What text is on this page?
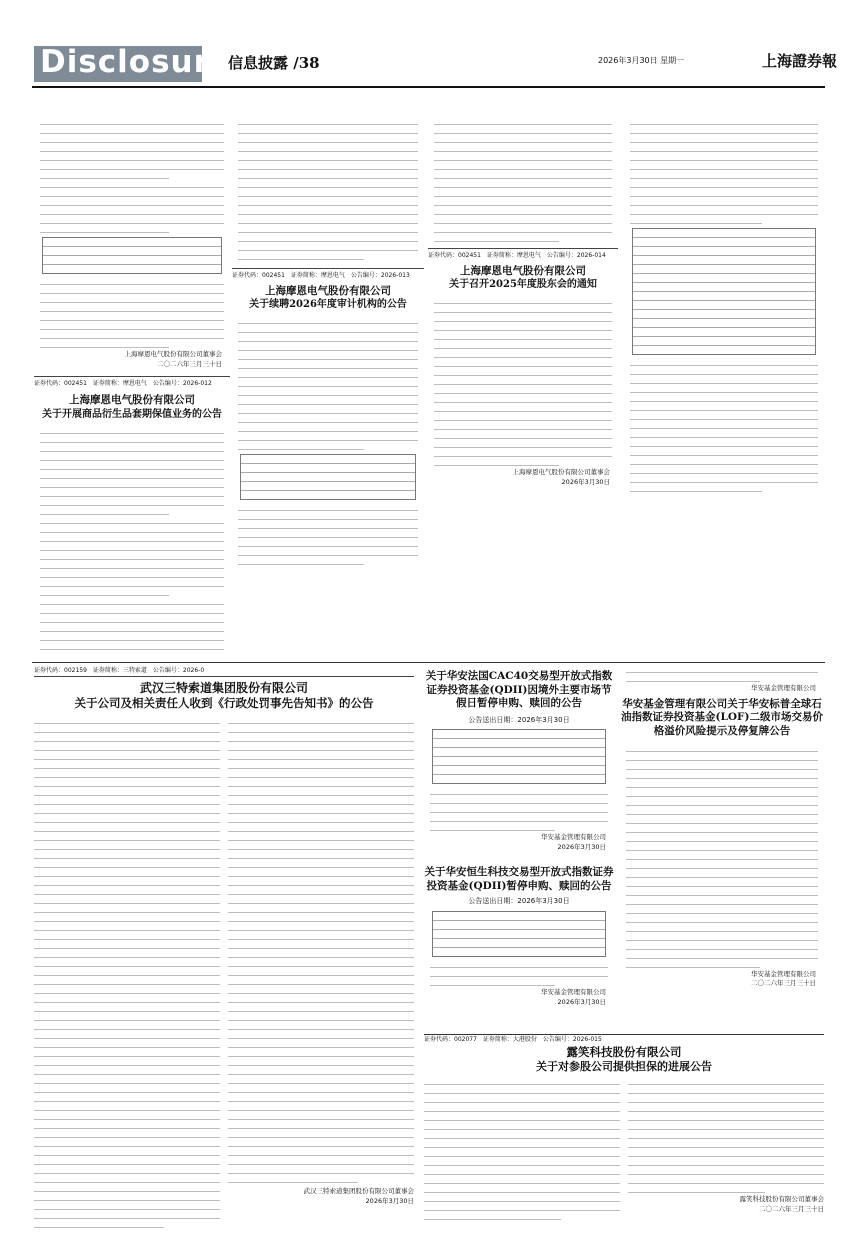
Disclosure
信息披露 /38	2026年3月30日 星期一	上海證券報
上海摩恩电气股份有限公司董事会
二〇二六年三月三十日
证券代码：002451　证券简称：摩恩电气　公告编号：2026-012
上海摩恩电气股份有限公司
关于开展商品衍生品套期保值业务的公告
证券代码：002451　证券简称：摩恩电气　公告编号：2026-013
上海摩恩电气股份有限公司
关于续聘2026年度审计机构的公告
证券代码：002451　证券简称：摩恩电气　公告编号：2026-014
上海摩恩电气股份有限公司
关于召开2025年度股东会的通知
上海摩恩电气股份有限公司董事会
2026年3月30日
证券代码：002159　证券简称：三特索道　公告编号：2026-0
武汉三特索道集团股份有限公司
关于公司及相关责任人收到《行政处罚事先告知书》的公告
武汉三特索道集团股份有限公司董事会
2026年3月30日
关于华安法国CAC40交易型开放式指数证券投资基金(QDII)因境外主要市场节假日暂停申购、赎回的公告
公告送出日期：2026年3月30日
华安基金管理有限公司
2026年3月30日
关于华安恒生科技交易型开放式指数证券投资基金(QDII)暂停申购、赎回的公告
公告送出日期：2026年3月30日
华安基金管理有限公司
2026年3月30日
华安基金管理有限公司
华安基金管理有限公司关于华安标普全球石油指数证券投资基金(LOF)二级市场交易价格溢价风险提示及停复牌公告
华安基金管理有限公司
二〇二六年三月三十日
证券代码：002077　证券简称：大港股份　公告编号：2026-015
露笑科技股份有限公司
关于对参股公司提供担保的进展公告
露笑科技股份有限公司董事会
二〇二六年三月三十日
